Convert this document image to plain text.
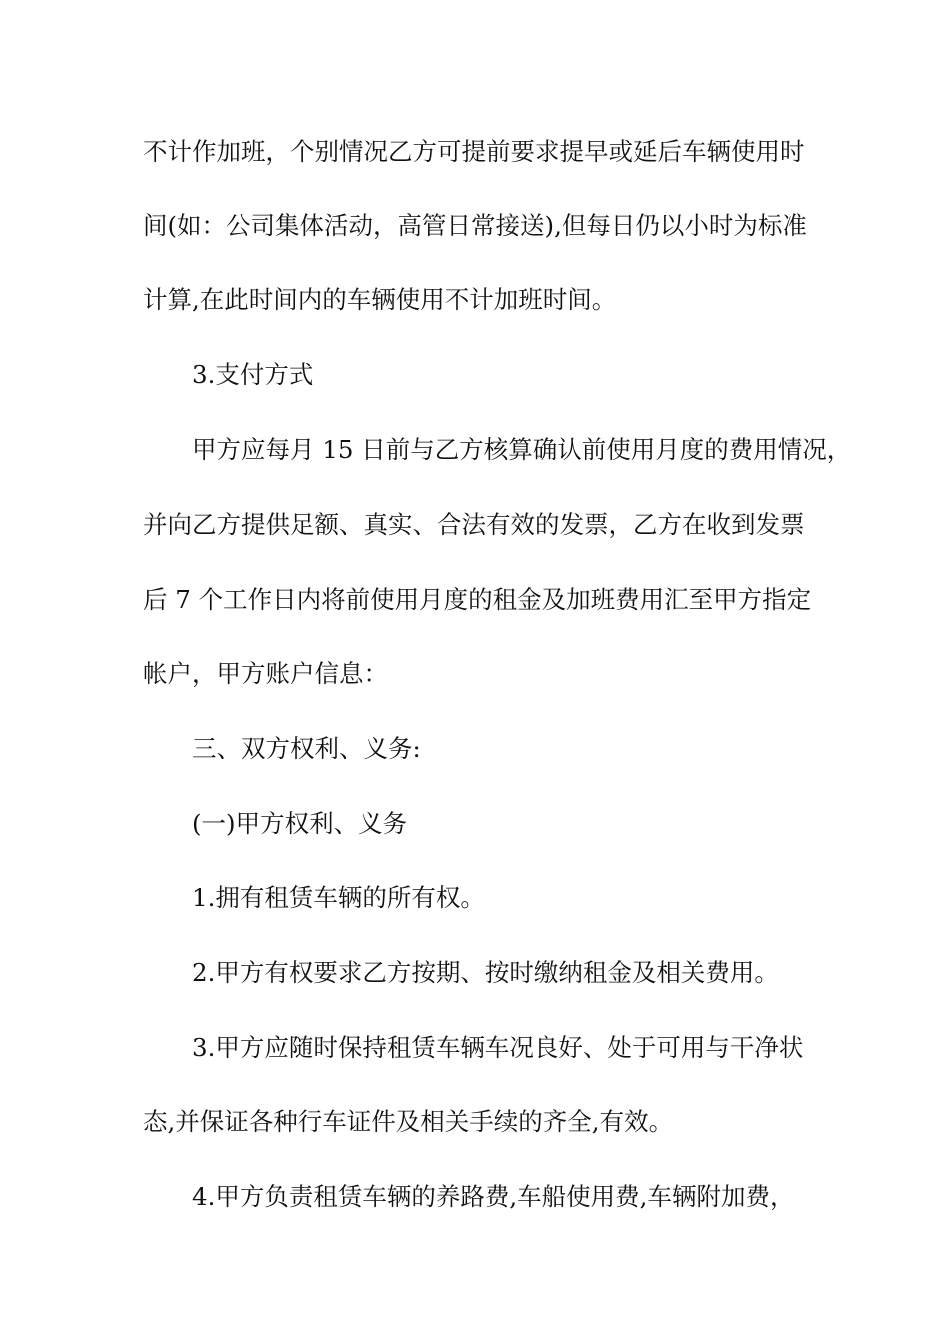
不计作加班，个别情况乙方可提前要求提早或延后车辆使用时
间(如：公司集体活动，高管日常接送),但每日仍以小时为标准
计算,在此时间内的车辆使用不计加班时间。
3.支付方式
甲方应每月 15 日前与乙方核算确认前使用月度的费用情况，
并向乙方提供足额、真实、合法有效的发票，乙方在收到发票
后 7 个工作日内将前使用月度的租金及加班费用汇至甲方指定
帐户，甲方账户信息：
三、双方权利、义务:
(一)甲方权利、义务
1.拥有租赁车辆的所有权。
2.甲方有权要求乙方按期、按时缴纳租金及相关费用。
3.甲方应随时保持租赁车辆车况良好、处于可用与干净状
态,并保证各种行车证件及相关手续的齐全,有效。
4.甲方负责租赁车辆的养路费,车船使用费,车辆附加费，
